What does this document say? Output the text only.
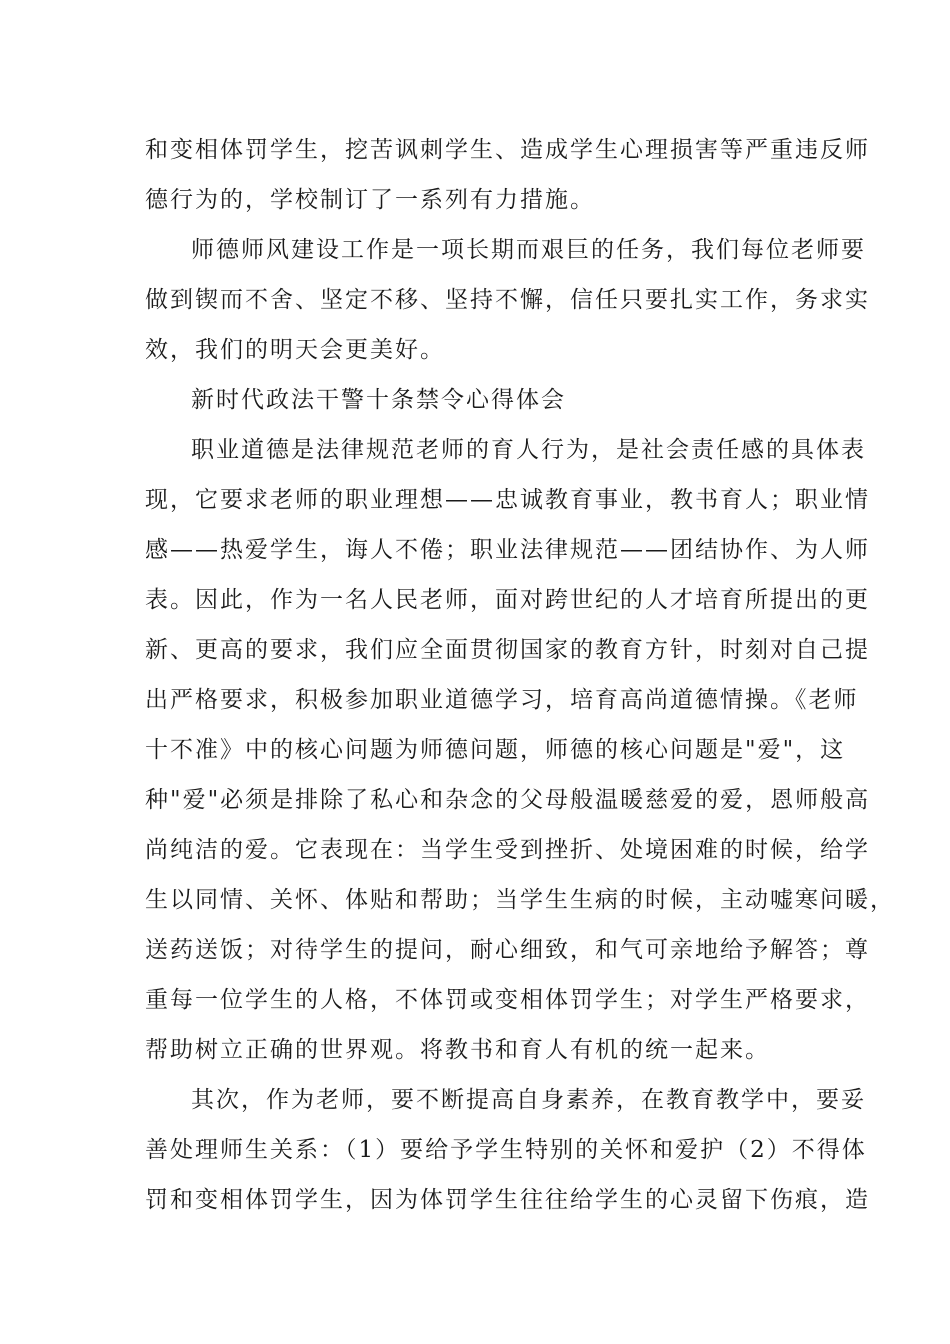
和变相体罚学生，挖苦讽刺学生、造成学生心理损害等严重违反师
德行为的，学校制订了一系列有力措施。
师德师风建设工作是一项长期而艰巨的任务，我们每位老师要
做到锲而不舍、坚定不移、坚持不懈，信任只要扎实工作，务求实
效，我们的明天会更美好。
新时代政法干警十条禁令心得体会
职业道德是法律规范老师的育人行为，是社会责任感的具体表
现，它要求老师的职业理想——忠诚教育事业，教书育人；职业情
感——热爱学生，诲人不倦；职业法律规范——团结协作、为人师
表。因此，作为一名人民老师，面对跨世纪的人才培育所提出的更
新、更高的要求，我们应全面贯彻国家的教育方针，时刻对自己提
出严格要求，积极参加职业道德学习，培育高尚道德情操。《老师
十不准》中的核心问题为师德问题，师德的核心问题是"爱"，这
种"爱"必须是排除了私心和杂念的父母般温暖慈爱的爱，恩师般高
尚纯洁的爱。它表现在：当学生受到挫折、处境困难的时候，给学
生以同情、关怀、体贴和帮助；当学生生病的时候，主动嘘寒问暖，
送药送饭；对待学生的提问，耐心细致，和气可亲地给予解答；尊
重每一位学生的人格，不体罚或变相体罚学生；对学生严格要求，
帮助树立正确的世界观。将教书和育人有机的统一起来。
其次，作为老师，要不断提高自身素养，在教育教学中，要妥
善处理师生关系：（1）要给予学生特别的关怀和爱护（2）不得体
罚和变相体罚学生，因为体罚学生往往给学生的心灵留下伤痕，造
